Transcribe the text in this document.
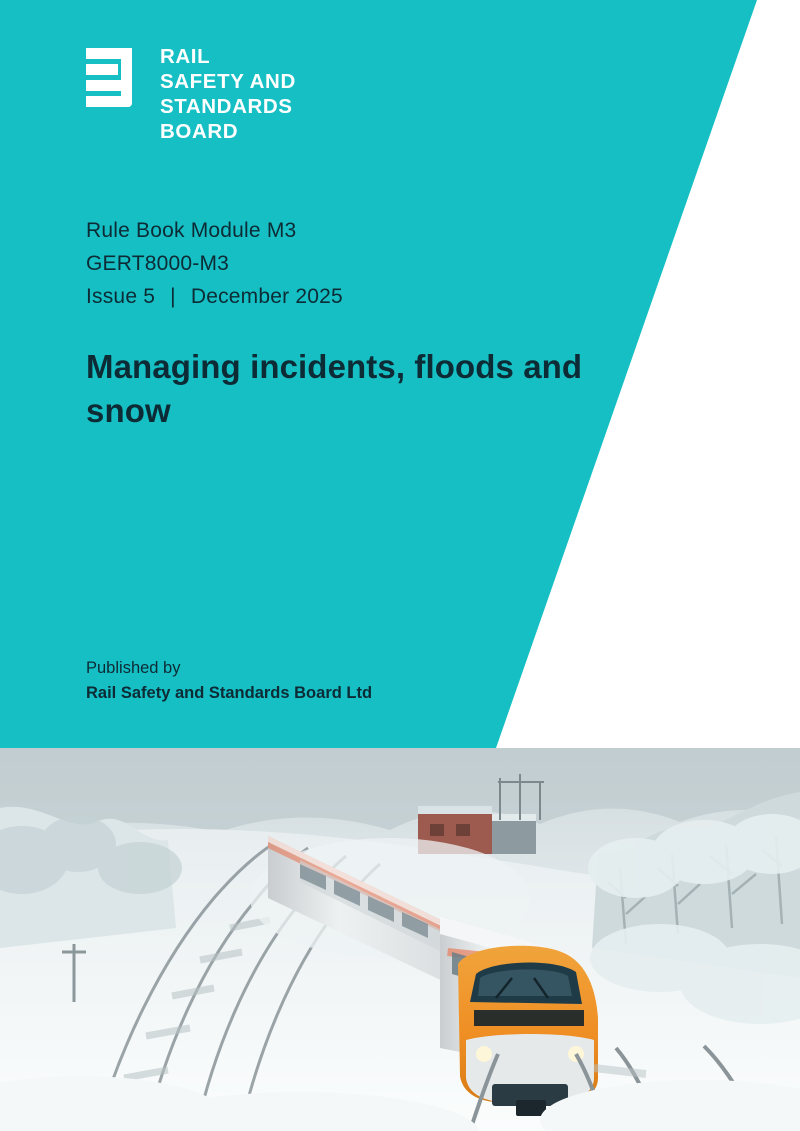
RAIL
SAFETY AND
STANDARDS
BOARD
Rule Book Module M3
GERT8000-M3
Issue 5 | December 2025
Managing incidents, floods and snow
Published by
Rail Safety and Standards Board Ltd
